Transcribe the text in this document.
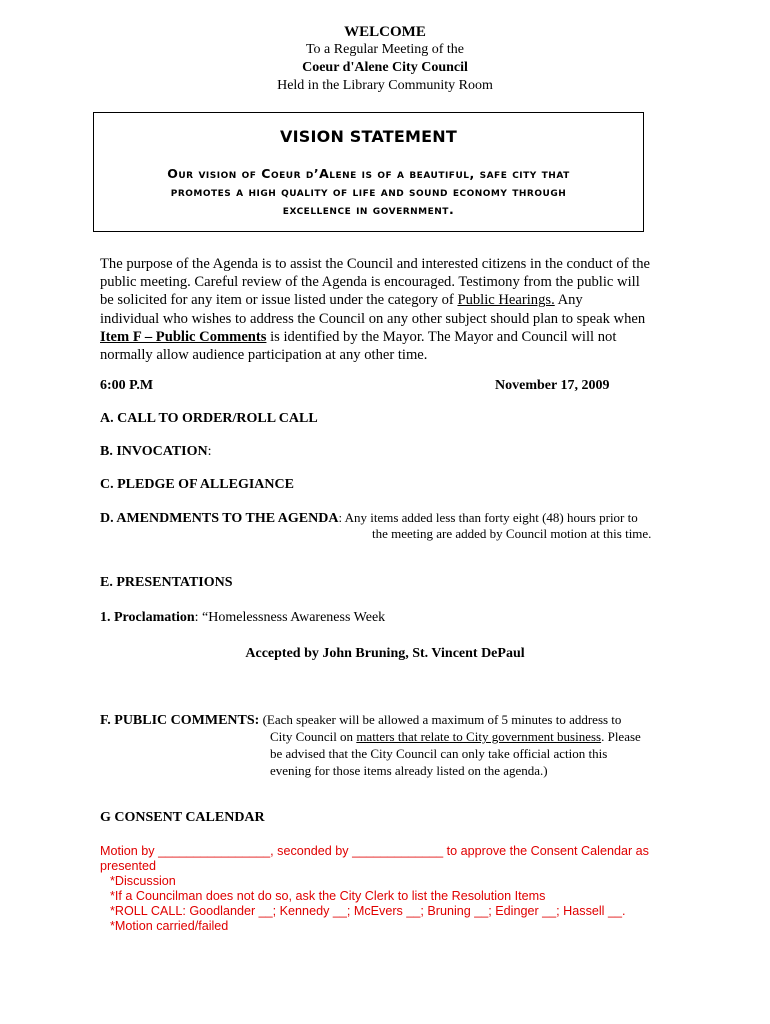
WELCOME
To a Regular Meeting of the
Coeur d'Alene City Council
Held in the Library Community Room
VISION STATEMENT
Our vision of Coeur d’Alene is of a beautiful, safe city that
promotes a high quality of life and sound economy through
excellence in government.
The purpose of the Agenda is to assist the Council and interested citizens in the conduct of the
public meeting. Careful review of the Agenda is encouraged. Testimony from the public will
be solicited for any item or issue listed under the category of Public Hearings. Any
individual who wishes to address the Council on any other subject should plan to speak when
Item F – Public Comments is identified by the Mayor. The Mayor and Council will not
normally allow audience participation at any other time.
6:00 P.M	November 17, 2009
A. CALL TO ORDER/ROLL CALL
B. INVOCATION:
C. PLEDGE OF ALLEGIANCE
D. AMENDMENTS TO THE AGENDA: Any items added less than forty eight (48) hours prior to
the meeting are added by Council motion at this time.
E. PRESENTATIONS
1. Proclamation: “Homelessness Awareness Week
Accepted by John Bruning, St. Vincent DePaul
F. PUBLIC COMMENTS: (Each speaker will be allowed a maximum of 5 minutes to address to
City Council on matters that relate to City government business. Please
be advised that the City Council can only take official action this
evening for those items already listed on the agenda.)
G CONSENT CALENDAR
Motion by ________________, seconded by _____________ to approve the Consent Calendar as
presented
*Discussion
*If a Councilman does not do so, ask the City Clerk to list the Resolution Items
*ROLL CALL: Goodlander __; Kennedy __; McEvers __; Bruning __; Edinger __; Hassell __.
*Motion carried/failed
